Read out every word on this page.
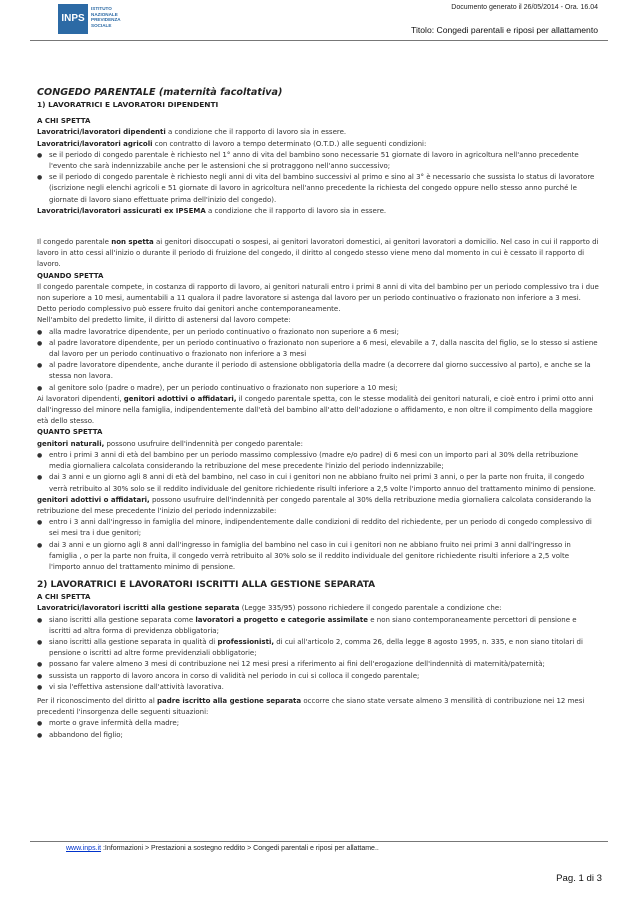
INPS
ISTITUTO
NAZIONALE
PREVIDENZA
SOCIALE
Documento generato il 26/05/2014 - Ora. 16.04
Titolo: Congedi parentali e riposi per allattamento

CONGEDO PARENTALE (maternità facoltativa)

1) LAVORATRICI E LAVORATORI DIPENDENTI

A CHI SPETTA

Lavoratrici/lavoratori dipendenti a condizione che il rapporto di lavoro sia in essere.

Lavoratrici/lavoratori agricoli con contratto di lavoro a tempo determinato (O.T.D.) alle seguenti condizioni:

● se il periodo di congedo parentale è richiesto nel 1° anno di vita del bambino sono necessarie 51 giornate di lavoro in agricoltura nell'anno precedente l'evento che sarà indennizzabile anche per le astensioni che si protraggono nell'anno successivo;
● se il periodo di congedo parentale è richiesto negli anni di vita del bambino successivi al primo e sino al 3° è necessario che sussista lo status di lavoratore (iscrizione negli elenchi agricoli e 51 giornate di lavoro in agricoltura nell'anno precedente la richiesta del congedo oppure nello stesso anno purché le giornate di lavoro siano effettuate prima dell'inizio del congedo).

Lavoratrici/lavoratori assicurati ex IPSEMA a condizione che il rapporto di lavoro sia in essere.

Il congedo parentale non spetta ai genitori disoccupati o sospesi, ai genitori lavoratori domestici, ai genitori lavoratori a domicilio. Nel caso in cui il rapporto di lavoro in atto cessi all'inizio o durante il periodo di fruizione del congedo, il diritto al congedo stesso viene meno dal momento in cui è cessato il rapporto di lavoro.

QUANDO SPETTA

Il congedo parentale compete, in costanza di rapporto di lavoro, ai genitori naturali entro i primi 8 anni di vita del bambino per un periodo complessivo tra i due non superiore a 10 mesi, aumentabili a 11 qualora il padre lavoratore si astenga dal lavoro per un periodo continuativo o frazionato non inferiore a 3 mesi. Detto periodo complessivo può essere fruito dai genitori anche contemporaneamente.

Nell'ambito del predetto limite, il diritto di astenersi dal lavoro compete:

● alla madre lavoratrice dipendente, per un periodo continuativo o frazionato non superiore a 6 mesi;
● al padre lavoratore dipendente, per un periodo continuativo o frazionato non superiore a 6 mesi, elevabile a 7, dalla nascita del figlio, se lo stesso si astiene dal lavoro per un periodo continuativo o frazionato non inferiore a 3 mesi
● al padre lavoratore dipendente, anche durante il periodo di astensione obbligatoria della madre (a decorrere dal giorno successivo al parto), e anche se la stessa non lavora.
● al genitore solo (padre o madre), per un periodo continuativo o frazionato non superiore a 10 mesi;

Ai lavoratori dipendenti, genitori adottivi o affidatari, il congedo parentale spetta, con le stesse modalità dei genitori naturali, e cioè entro i primi otto anni dall'ingresso del minore nella famiglia, indipendentemente dall'età del bambino all'atto dell'adozione o affidamento, e non oltre il compimento della maggiore età dello stesso.

QUANTO SPETTA

genitori naturali, possono usufruire dell'indennità per congedo parentale:

● entro i primi 3 anni di età del bambino per un periodo massimo complessivo (madre e/o padre) di 6 mesi con un importo pari al 30% della retribuzione media giornaliera calcolata considerando la retribuzione del mese precedente l'inizio del periodo indennizzabile;
● dai 3 anni e un giorno agli 8 anni di età del bambino, nel caso in cui i genitori non ne abbiano fruito nei primi 3 anni, o per la parte non fruita, il congedo verrà retribuito al 30% solo se il reddito individuale del genitore richiedente risulti inferiore a 2,5 volte l'importo annuo del trattamento minimo di pensione.

genitori adottivi o affidatari, possono usufruire dell'indennità per congedo parentale al 30% della retribuzione media giornaliera calcolata considerando la retribuzione del mese precedente l'inizio del periodo indennizzabile:

● entro i 3 anni dall'ingresso in famiglia del minore, indipendentemente dalle condizioni di reddito del richiedente, per un periodo di congedo complessivo di sei mesi tra i due genitori;
● dai 3 anni e un giorno agli 8 anni dall'ingresso in famiglia del bambino nel caso in cui i genitori non ne abbiano fruito nei primi 3 anni dall'ingresso in famiglia , o per la parte non fruita, il congedo verrà retribuito al 30% solo se il reddito individuale del genitore richiedente risulti inferiore a 2,5 volte l'importo annuo del trattamento minimo di pensione.

2) LAVORATRICI E LAVORATORI ISCRITTI ALLA GESTIONE SEPARATA

A CHI SPETTA

Lavoratrici/lavoratori iscritti alla gestione separata (Legge 335/95) possono richiedere il congedo parentale a condizione che:

● siano iscritti alla gestione separata come lavoratori a progetto e categorie assimilate e non siano contemporaneamente percettori di pensione e iscritti ad altra forma di previdenza obbligatoria;
● siano iscritti alla gestione separata in qualità di professionisti, di cui all'articolo 2, comma 26, della legge 8 agosto 1995, n. 335, e non siano titolari di pensione o iscritti ad altre forme previdenziali obbligatorie;
● possano far valere almeno 3 mesi di contribuzione nei 12 mesi presi a riferimento ai fini dell'erogazione dell'indennità di maternità/paternità;
● sussista un rapporto di lavoro ancora in corso di validità nel periodo in cui si colloca il congedo parentale;
● vi sia l'effettiva astensione dall'attività lavorativa.

Per il riconoscimento del diritto al padre iscritto alla gestione separata occorre che siano state versate almeno 3 mensilità di contribuzione nei 12 mesi precedenti l'insorgenza delle seguenti situazioni:

● morte o grave infermità della madre;
● abbandono del figlio;
www.inps.it :Informazioni > Prestazioni a sostegno reddito > Congedi parentali e riposi per allattame..
Pag. 1 di 3
